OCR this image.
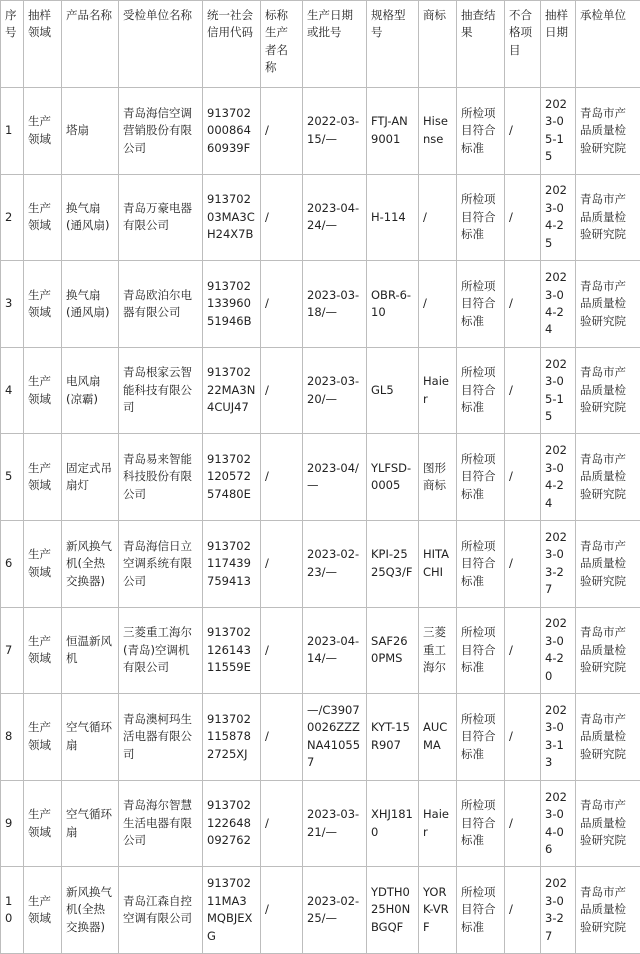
序号	抽样领域	产品名称	受检单位名称	统一社会信用代码	标称生产者名称	生产日期或批号	规格型号	商标	抽查结果	不合格项目	抽样日期	承检单位
1	生产领域	塔扇	青岛海信空调营销股份有限公司	91370200086460939F	/	2022-03-15/—	FTJ-AN9001	Hisense	所检项目符合标准	/	2023-05-15	青岛市产品质量检验研究院
2	生产领域	换气扇(通风扇)	青岛万豪电器有限公司	91370203MA3CH24X7B	/	2023-04-24/—	H-114	/	所检项目符合标准	/	2023-04-25	青岛市产品质量检验研究院
3	生产领域	换气扇(通风扇)	青岛欧泊尔电器有限公司	91370213396051946B	/	2023-03-18/—	OBR-6-10	/	所检项目符合标准	/	2023-04-24	青岛市产品质量检验研究院
4	生产领域	电风扇(凉霸)	青岛根家云智能科技有限公司	91370222MA3N4CUJ47	/	2023-03-20/—	GL5	Haier	所检项目符合标准	/	2023-05-15	青岛市产品质量检验研究院
5	生产领域	固定式吊扇灯	青岛易来智能科技股份有限公司	91370212057257480E	/	2023-04/—	YLFSD-0005	图形商标	所检项目符合标准	/	2023-04-24	青岛市产品质量检验研究院
6	生产领域	新风换气机(全热交换器)	青岛海信日立空调系统有限公司	913702117439759413	/	2023-02-23/—	KPI-2525Q3/F	HITACHI	所检项目符合标准	/	2023-03-27	青岛市产品质量检验研究院
7	生产领域	恒温新风机	三菱重工海尔(青岛)空调机有限公司	91370212614311559E	/	2023-04-14/—	SAF260PMS	三菱重工海尔	所检项目符合标准	/	2023-04-20	青岛市产品质量检验研究院
8	生产领域	空气循环扇	青岛澳柯玛生活电器有限公司	913702115878 2725XJ	/	—/C39070026ZZZNA410557	KYT-15R907	AUCMA	所检项目符合标准	/	2023-03-13	青岛市产品质量检验研究院
9	生产领域	空气循环扇	青岛海尔智慧生活电器有限公司	913702122648092762	/	2023-03-21/—	XHJ1810	Haier	所检项目符合标准	/	2023-04-06	青岛市产品质量检验研究院
10	生产领域	新风换气机(全热交换器)	青岛江森自控空调有限公司	91370211MA3MQBJEXG	/	2023-02-25/—	YDTH025H0NBGQF	YORK-VRF	所检项目符合标准	/	2023-03-27	青岛市产品质量检验研究院
